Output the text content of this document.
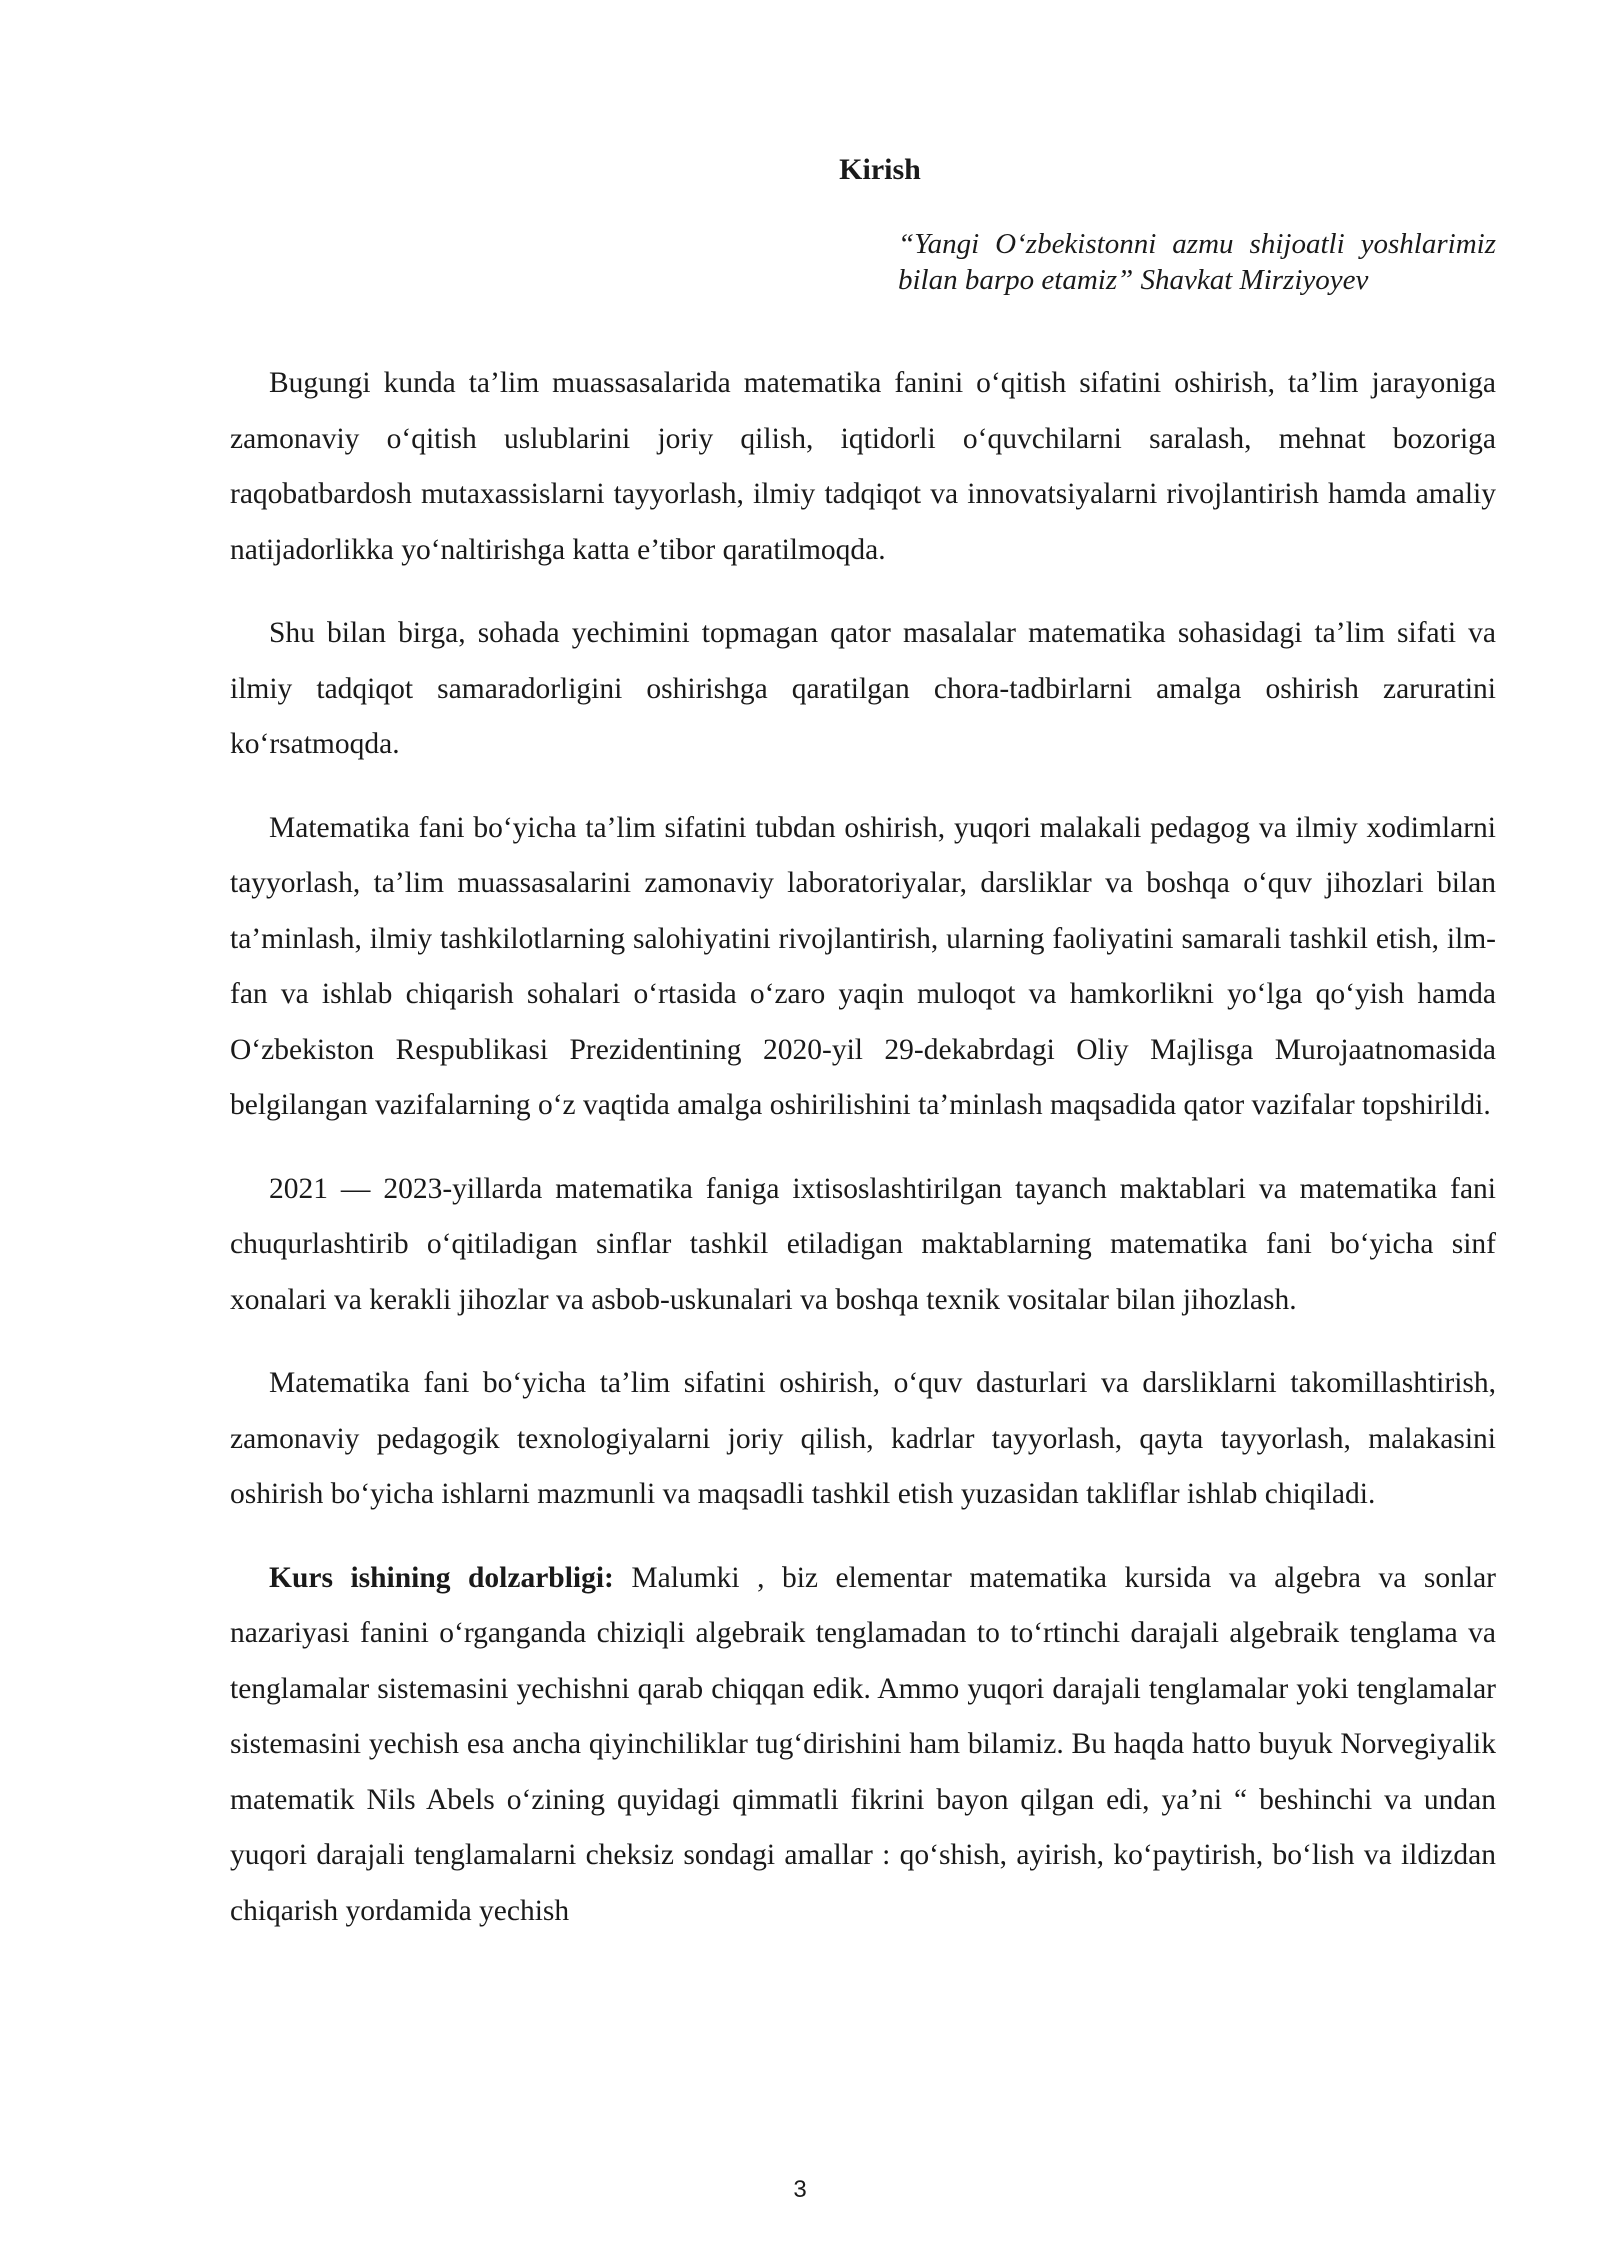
Kirish

“Yangi O‘zbekistonni azmu shijoatli yoshlarimiz bilan barpo etamiz” Shavkat Mirziyoyev

Bugungi kunda ta’lim muassasalarida matematika fanini o‘qitish sifatini oshirish, ta’lim jarayoniga zamonaviy o‘qitish uslublarini joriy qilish, iqtidorli o‘quvchilarni saralash, mehnat bozoriga raqobatbardosh mutaxassislarni tayyorlash, ilmiy tadqiqot va innovatsiyalarni rivojlantirish hamda amaliy natijadorlikka yo‘naltirishga katta e’tibor qaratilmoqda.

Shu bilan birga, sohada yechimini topmagan qator masalalar matematika sohasidagi ta’lim sifati va ilmiy tadqiqot samaradorligini oshirishga qaratilgan chora-tadbirlarni amalga oshirish zaruratini ko‘rsatmoqda.

Matematika fani bo‘yicha ta’lim sifatini tubdan oshirish, yuqori malakali pedagog va ilmiy xodimlarni tayyorlash, ta’lim muassasalarini zamonaviy laboratoriyalar, darsliklar va boshqa o‘quv jihozlari bilan ta’minlash, ilmiy tashkilotlarning salohiyatini rivojlantirish, ularning faoliyatini samarali tashkil etish, ilm-fan va ishlab chiqarish sohalari o‘rtasida o‘zaro yaqin muloqot va hamkorlikni yo‘lga qo‘yish hamda O‘zbekiston Respublikasi Prezidentining 2020-yil 29-dekabrdagi Oliy Majlisga Murojaatnomasida belgilangan vazifalarning o‘z vaqtida amalga oshirilishini ta’minlash maqsadida qator vazifalar topshirildi.

2021 — 2023-yillarda matematika faniga ixtisoslashtirilgan tayanch maktablari va matematika fani chuqurlashtirib o‘qitiladigan sinflar tashkil etiladigan maktablarning matematika fani bo‘yicha sinf xonalari va kerakli jihozlar va asbob-uskunalari va boshqa texnik vositalar bilan jihozlash.

Matematika fani bo‘yicha ta’lim sifatini oshirish, o‘quv dasturlari va darsliklarni takomillashtirish, zamonaviy pedagogik texnologiyalarni joriy qilish, kadrlar tayyorlash, qayta tayyorlash, malakasini oshirish bo‘yicha ishlarni mazmunli va maqsadli tashkil etish yuzasidan takliflar ishlab chiqiladi.

Kurs ishining dolzarbligi: Malumki , biz elementar matematika kursida va algebra va sonlar nazariyasi fanini o‘rganganda chiziqli algebraik tenglamadan to to‘rtinchi darajali algebraik tenglama va tenglamalar sistemasini yechishni qarab chiqqan edik. Ammo yuqori darajali tenglamalar yoki tenglamalar sistemasini yechish esa ancha qiyinchiliklar tug‘dirishini ham bilamiz. Bu haqda hatto buyuk Norvegiyalik matematik Nils Abels o‘zining quyidagi qimmatli fikrini bayon qilgan edi, ya’ni “ beshinchi va undan yuqori darajali tenglamalarni cheksiz sondagi amallar : qo‘shish, ayirish, ko‘paytirish, bo‘lish va ildizdan chiqarish yordamida yechish

3
